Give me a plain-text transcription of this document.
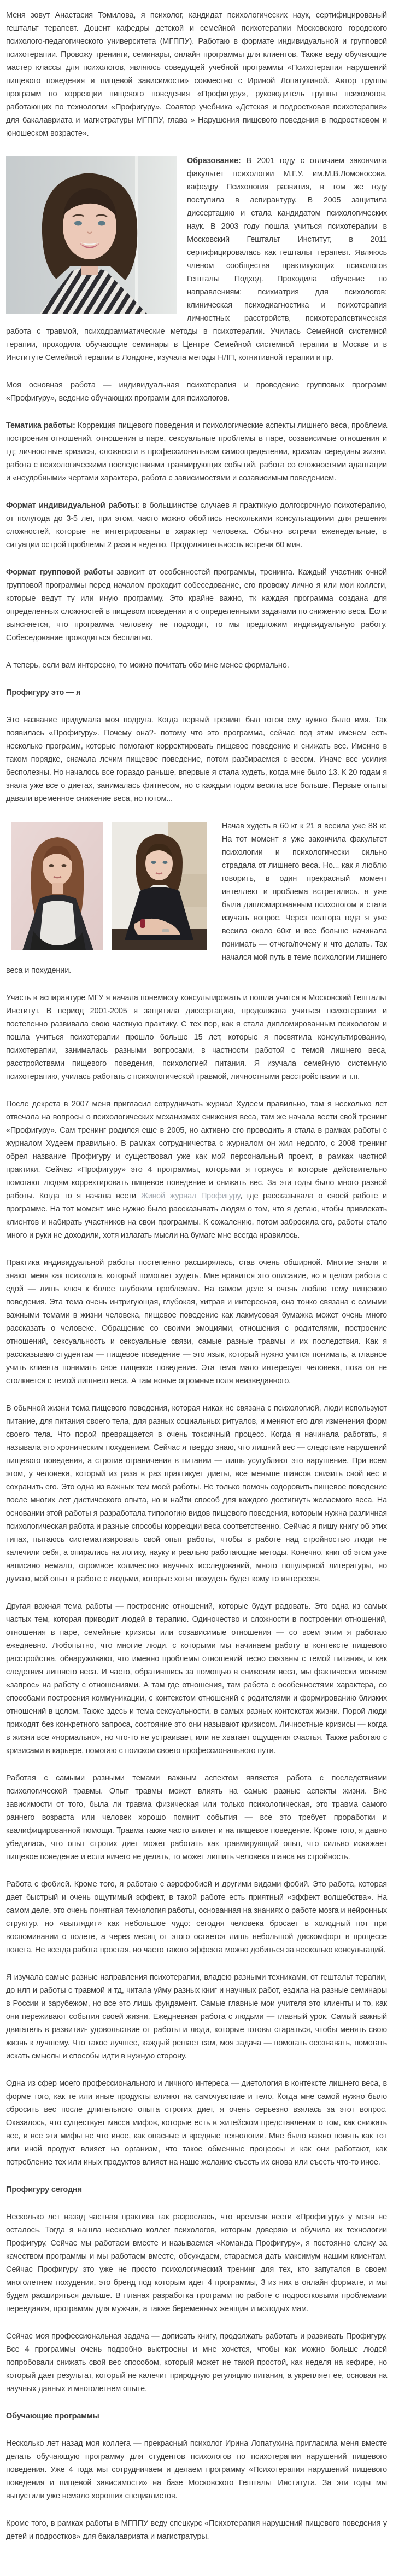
Меня зовут Анастасия Томилова, я психолог, кандидат психологических наук, сертифицированый гештальт терапевт. Доцент кафедры детской и семейной психотерапии Московского городского психолого-педагогического университета (МГППУ). Работаю в формате индивидуальной и групповой психотерапии. Провожу тренинги, семинары, онлайн программы для клиентов. Также веду обучающие мастер классы для психологов, являюсь соведущей учебной программы «Психотерапия нарушений пищевого поведения и пищевой зависимости» совместно с Ириной Лопатухиной. Автор группы программ по коррекции пищевого поведения «Профигуру», руководитель группы психологов, работающих по технологии «Профигуру». Соавтор учебника «Детская и подростковая психотерапия» для бакалавриата и магистратуры МГППУ, глава » Нарушения пищевого поведения в подростковом и юношеском возрасте».

Образование: В 2001 году с отличием закончила факультет психологии М.Г.У. им.М.В.Ломоносова, кафедру Психология развития, в том же году поступила в аспирантуру. В 2005 защитила диссертацию и стала кандидатом психологических наук. В 2003 году пошла учиться психотерапии в Московский Гештальт Институт, в 2011 сертифицировалась как гештальт терапевт. Являюсь членом сообщества практикующих психологов Гештальт Подход. Проходила обучение по направлениям: психиатрия для психологов; клиническая психодиагностика и психотерапия личностных расстройств, психотерапевтическая работа с травмой, психодрамматические методы в психотерапии. Училась Семейной системной терапии, проходила обучающие семинары в Центре Семейной системной терапии в Москве и в Институте Семейной терапии в Лондоне, изучала методы НЛП, когнитивной терапии и пр.

Моя основная работа — индивидуальная психотерапия и проведение групповых программ «Профигуру», ведение обучающих программ для психологов.

Тематика работы: Коррекция пищевого поведения и психологические аспекты лишнего веса, проблема построения отношений, отношения в паре, сексуальные проблемы в паре, созависимые отношения и тд; личностные кризисы, сложности в профессиональном самоопределении, кризисы середины жизни, работа с психологическими последствиями травмирующих событий, работа со сложностями адаптации и «неудобными» чертами характера, работа с зависимостями и созависимым поведением.

Формат индивидуальной работы: в большинстве случаев я практикую долгосрочную психотерапию, от полугода до 3-5 лет, при этом, часто можно обойтись несколькими консультациями для решения сложностей, которые не интегрированы в характер человека. Обычно встречи еженедельные, в ситуации острой проблемы 2 раза в неделю. Продолжительность встречи 60 мин.

Формат групповой работы зависит от особенностей программы, тренинга. Каждый участник очной групповой программы перед началом проходит собеседование, его провожу лично я или мои коллеги, которые ведут ту или иную программу. Это крайне важно, тк каждая программа создана для определенных сложностей в пищевом поведении и с определенными задачами по снижению веса. Если выясняется, что программа человеку не подходит, то мы предложим индивидуальную работу. Собеседование проводиться бесплатно.

А теперь, если вам интересно, то можно почитать обо мне менее формально.

Профигуру это — я

Это название придумала моя подруга. Когда первый тренинг был готов ему нужно было имя. Так появилась «Профигуру». Почему она?- потому что это программа, сейчас под этим именем есть несколько программ, которые помогают корректировать пищевое поведение и снижать вес. Именно в таком порядке, сначала лечим пищевое поведение, потом разбираемся с весом. Иначе все усилия бесполезны. Но началось все гораздо раньше, впервые я стала худеть, когда мне было 13. К 20 годам я знала уже все о диетах, занималась фитнесом, но с каждым годом весила все больше. Первые опыты давали временное снижение веса, но потом...

Начав худеть в 60 кг к 21 я весила уже 88 кг. На тот момент я уже закончила факультет психологии и психологически сильно страдала от лишнего веса. Но... как я люблю говорить, в один прекрасный момент интеллект и проблема встретились. я уже была дипломированным психологом и стала изучать вопрос. Через полтора года я уже весила около 60кг и все больше начинала понимать — отчего/почему и что делать. Так начался мой путь в теме психологии лишнего веса и похудении.

Участь в аспирантуре МГУ я начала понемногу консультировать и пошла учится в Московский Гештальт Институт. В период 2001-2005 я защитила диссертацию, продолжала учиться психотерапии и постепенно развивала свою частную практику. С тех пор, как я стала дипломированным психологом и пошла учиться психотерапии прошло больше 15 лет, которые я посвятила консультированию, психотерапии, занималась разными вопросами, в частности работой с темой лишнего веса, расстройствами пищевого поведения, психологией питания. Я изучала семейную системную психотерапию, училась работать с психологической травмой, личностными расстройствами и т.п.

После декрета в 2007 меня пригласил сотрудничать журнал Худеем правильно, там я несколько лет отвечала на вопросы о психологических механизмах снижения веса, там же начала вести свой тренинг «Профигуру». Сам тренинг родился еще в 2005, но активно его проводить я стала в рамках работы с журналом Худеем правильно. В рамках сотрудничества с журналом он жил недолго, с 2008 тренинг обрел название Профигуру и существовал уже как мой персональный проект, в рамках частной практики. Сейчас «Профигуру» это 4 программы, которыми я горжусь и которые действительно помогают людям корректировать пищевое поведение и снижать вес. За эти годы было много разной работы. Когда то я начала вести Живой журнал Профигуру, где рассказывала о своей работе и программе. На тот момент мне нужно было рассказывать людям о том, что я делаю, чтобы привлекать клиентов и набирать участников на свои программы. К сожалению, потом забросила его, работы стало много и руки не доходили, хотя излагать мысли на бумаге мне всегда нравилось.

Практика индивидуальной работы постепенно расширялась, став очень обширной. Многие знали и знают меня как психолога, который помогает худеть. Мне нравится это описание, но в целом работа с едой — лишь ключ к более глубоким проблемам. На самом деле я очень люблю тему пищевого поведения. Эта тема очень интригующая, глубокая, хитрая и интересная, она тонко связана с самыми важными темами в жизни человека, пищевое поведение как лакмусовая бумажка может очень много рассказать о человеке. Обращение со своими эмоциями, отношения с родителями, построение отношений, сексуальность и сексуальные связи, самые разные травмы и их последствия. Как я рассказываю студентам — пищевое поведение — это язык, который нужно учится понимать, а главное учить клиента понимать свое пищевое поведение. Эта тема мало интересует человека, пока он не столкнется с темой лишнего веса. А там новые огромные поля неизведанного.

В обычной жизни тема пищевого поведения, которая никак не связана с психологией, люди используют питание, для питания своего тела, для разных социальных ритуалов, и меняют его для изменения форм своего тела. Что порой превращается в очень токсичный процесс. Когда я начинала работать, я называла это хроническим похудением. Сейчас я твердо знаю, что лишний вес — следствие нарушений пищевого поведения, а строгие ограничения в питании — лишь усугубляют это нарушение. При всем этом, у человека, который из раза в раз практикует диеты, все меньше шансов снизить свой вес и сохранить его. Это одна из важных тем моей работы. Не только помочь оздоровить пищевое поведение после многих лет диетического опыта, но и найти способ для каждого достигнуть желаемого веса. На основании этой работы я разработала типологию видов пищевого поведения, которым нужна различная психологическая работа и разные способы коррекции веса соответственно. Сейчас я пишу книгу об этих типах, пытаюсь систематизировать свой опыт работы, чтобы в работе над стройностью люди не калечили себя, а опирались на логику, науку и реально работающие методы. Конечно, книг об этом уже написано немало, огромное количество научных исследований, много популярной литературы, но думаю, мой опыт в работе с людьми, которые хотят похудеть будет кому то интересен.

Другая важная тема работы — построение отношений, которые будут радовать. Это одна из самых частых тем, которая приводит людей в терапию. Одиночество и сложности в построении отношений, отношения в паре, семейные кризисы или созависимые отношения — со всем этим я работаю ежедневно. Любопытно, что многие люди, с которыми мы начинаем работу в контексте пищевого расстройства, обнаруживают, что именно проблемы отношений тесно связаны с темой питания, и как следствия лишнего веса. И часто, обратившись за помощью в снижении веса, мы фактически меняем «запрос» на работу с отношениями. А там где отношения, там работа с особенностями характера, со способами построения коммуникации, с контекстом отношений с родителями и формированию близких отношений в целом. Также здесь и тема сексуальности, в самых разных контекстах жизни. Порой люди приходят без конкретного запроса, состояние это они называют кризисом. Личностные кризисы — когда в жизни все «нормально», но что-то не устраивает, или не хватает ощущения счастья. Также работаю с кризисами в карьере, помогаю с поиском своего профессионального пути.

Работая с самыми разными темами важным аспектом является работа с последствиями психологической травмы. Опыт травмы может влиять на самые разные аспекты жизни. Вне зависимости от того, была ли травма физическая или только психологическая, это травма самого раннего возраста или человек хорошо помнит события — все это требует проработки и квалифицированной помощи. Травма также часто влияет и на пищевое поведение. Кроме того, я давно убедилась, что опыт строгих диет может работать как травмирующий опыт, что сильно искажает пищевое поведение и если ничего не делать, то может лишить человека шанса на стройность.

Работа с фобией. Кроме того, я работаю с аэрофобией и другими видами фобий. Это работа, которая дает быстрый и очень ощутимый эффект, в такой работе есть приятный «эффект волшебства». На самом деле, это очень понятная технология работы, основанная на знаниях о работе мозга и нейронных структур, но «выглядит» как небольшое чудо: сегодня человека бросает в холодный пот при воспоминании о полете, а через месяц от этого остается лишь небольшой дискомфорт в процессе полета. Не всегда работа простая, но часто такого эффекта можно добиться за несколько консультаций.

Я изучала самые разные направления психотерапии, владею разными техниками, от гештальт терапии, до нлп и работы с травмой и тд, читала уйму разных книг и научных работ, ездила на разные семинары в России и зарубежом, но все это лишь фундамент. Самые главные мои учителя это клиенты и то, как они переживают события своей жизни. Ежедневная работа с людьми — главный урок. Самый важный двигатель в развитии- удовольствие от работы и люди, которые готовы стараться, чтобы менять свою жизнь к лучшему. Что такое лучшее, каждый решает сам, моя задача — помогать осознавать, помогать искать смыслы и способы идти в нужную сторону.

Одна из сфер моего профессионального и личного интереса — диетология в контексте лишнего веса, в форме того, как те или иные продукты влияют на самочувствие и тело. Когда мне самой нужно было сбросить вес после длительного опыта строгих диет, я очень серьезно взялась за этот вопрос. Оказалось, что существует масса мифов, которые есть в житейском представлении о том, как снижать вес, и все эти мифы не что иное, как опасные и вредные технологии. Мне было важно понять как тот или иной продукт влияет на организм, что такое обменные процессы и как они работают, как потребление тех или иных продуктов влияет на наше желание съесть их снова или съесть что-то иное.

Профигуру сегодня

Несколько лет назад частная практика так разрослась, что времени вести «Профигуру» у меня не осталось. Тогда я нашла несколько коллег психологов, которым доверяю и обучила их технологии Профигуру. Сейчас мы работаем вместе и называемся «Команда Профигуру», я постоянно слежу за качеством программы и мы работаем вместе, обсуждаем, стараемся дать максимум нашим клиентам. Сейчас Профигуру это уже не просто психологический тренинг для тех, кто запутался в своем многолетнем похудении, это бренд под которым идет 4 программы, 3 из них в онлайн формате, и мы будем расширяться дальше. В планах разработка программ по работе с подростковыми проблемами переедания, программы для мужчин, а также беременных женщин и молодых мам.

Сейчас моя профессиональная задача — дописать книгу, продолжать работать и развивать Профигуру. Все 4 программы очень подробно выстроены и мне хочется, чтобы как можно больше людей попробовали снижать свой вес способом, который может не такой простой, как неделя на кефире, но который дает результат, который не калечит природную регуляцию питания, а укрепляет ее, основан на научных данных и многолетнем опыте.

Обучающие программы

Несколько лет назад моя коллега — прекрасный психолог Ирина Лопатухина пригласила меня вместе делать обучающую программу для студентов психологов по психотерапии нарушений пищевого поведения. Уже 4 года мы сотрудничаем и делаем программу «Психотерапия нарушений пищевого поведения и пищевой зависимости» на базе Московского Гештальт Института. За эти годы мы выпустили уже немало хороших специалистов.

Кроме того, в рамках работы в МГППУ веду спецкурс «Психотерапия нарушений пищевого поведения у детей и подростков» для бакалавриата и магистратуры.
